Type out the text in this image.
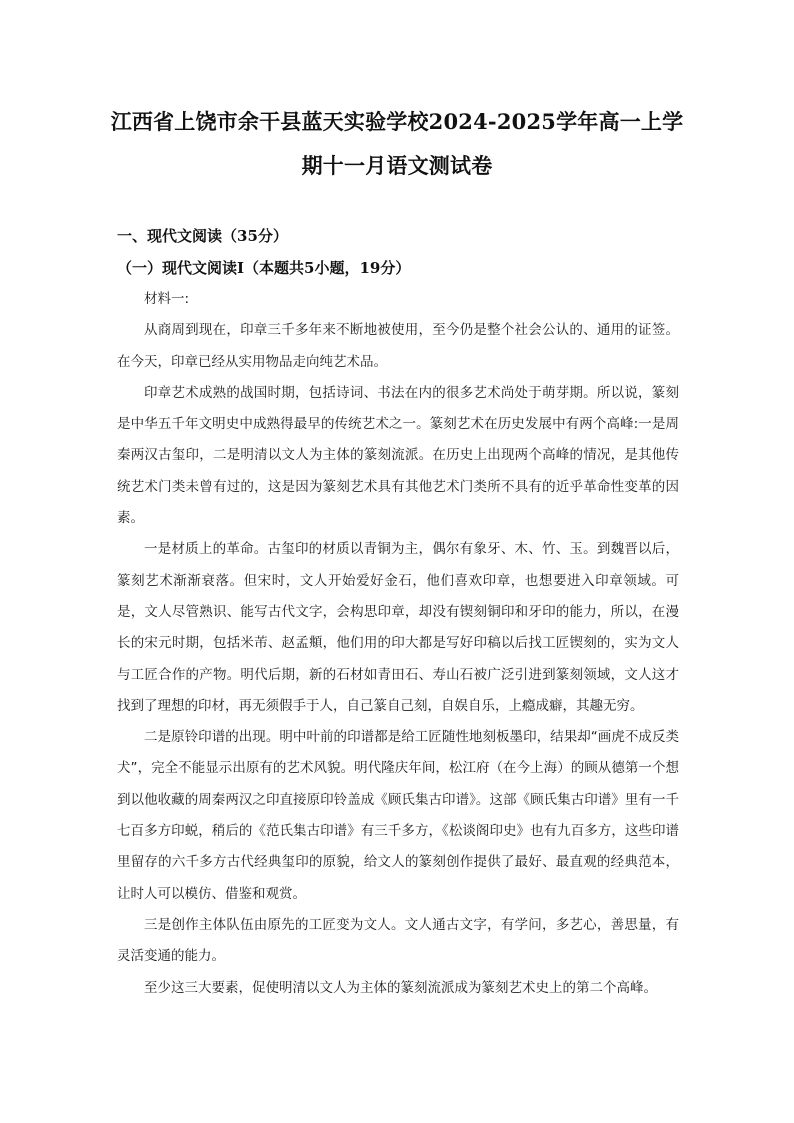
江西省上饶市余干县蓝天实验学校2024-2025学年高一上学
期十一月语文测试卷

一、现代文阅读（35分）

（一）现代文阅读Ⅰ（本题共5小题，19分）

材料一:

从商周到现在，印章三千多年来不断地被使用，至今仍是整个社会公认的、通用的证签。在今天，印章已经从实用物品走向纯艺术品。

印章艺术成熟的战国时期，包括诗词、书法在内的很多艺术尚处于萌芽期。所以说，篆刻是中华五千年文明史中成熟得最早的传统艺术之一。篆刻艺术在历史发展中有两个高峰:一是周秦两汉古玺印，二是明清以文人为主体的篆刻流派。在历史上出现两个高峰的情况，是其他传统艺术门类未曾有过的，这是因为篆刻艺术具有其他艺术门类所不具有的近乎革命性变革的因素。

一是材质上的革命。古玺印的材质以青铜为主，偶尔有象牙、木、竹、玉。到魏晋以后，篆刻艺术渐渐衰落。但宋时，文人开始爱好金石，他们喜欢印章，也想要进入印章领域。可是，文人尽管熟识、能写古代文字，会构思印章，却没有锲刻铜印和牙印的能力，所以，在漫长的宋元时期，包括米芾、赵孟頫，他们用的印大都是写好印稿以后找工匠锲刻的，实为文人与工匠合作的产物。明代后期，新的石材如青田石、寿山石被广泛引进到篆刻领域，文人这才找到了理想的印材，再无须假手于人，自己篆自己刻，自娱自乐，上瘾成癖，其趣无穷。

二是原铃印谱的出现。明中叶前的印谱都是给工匠随性地刻板墨印，结果却“画虎不成反类犬”，完全不能显示出原有的艺术风貌。明代隆庆年间，松江府（在今上海）的顾从德第一个想到以他收藏的周秦两汉之印直接原印铃盖成《顾氏集古印谱》。这部《顾氏集古印谱》里有一千七百多方印蜕，稍后的《范氏集古印谱》有三千多方，《松谈阁印史》也有九百多方，这些印谱里留存的六千多方古代经典玺印的原貌，给文人的篆刻创作提供了最好、最直观的经典范本，让时人可以模仿、借鉴和观赏。

三是创作主体队伍由原先的工匠变为文人。文人通古文字，有学问，多艺心，善思量，有灵活变通的能力。

至少这三大要素，促使明清以文人为主体的篆刻流派成为篆刻艺术史上的第二个高峰。
